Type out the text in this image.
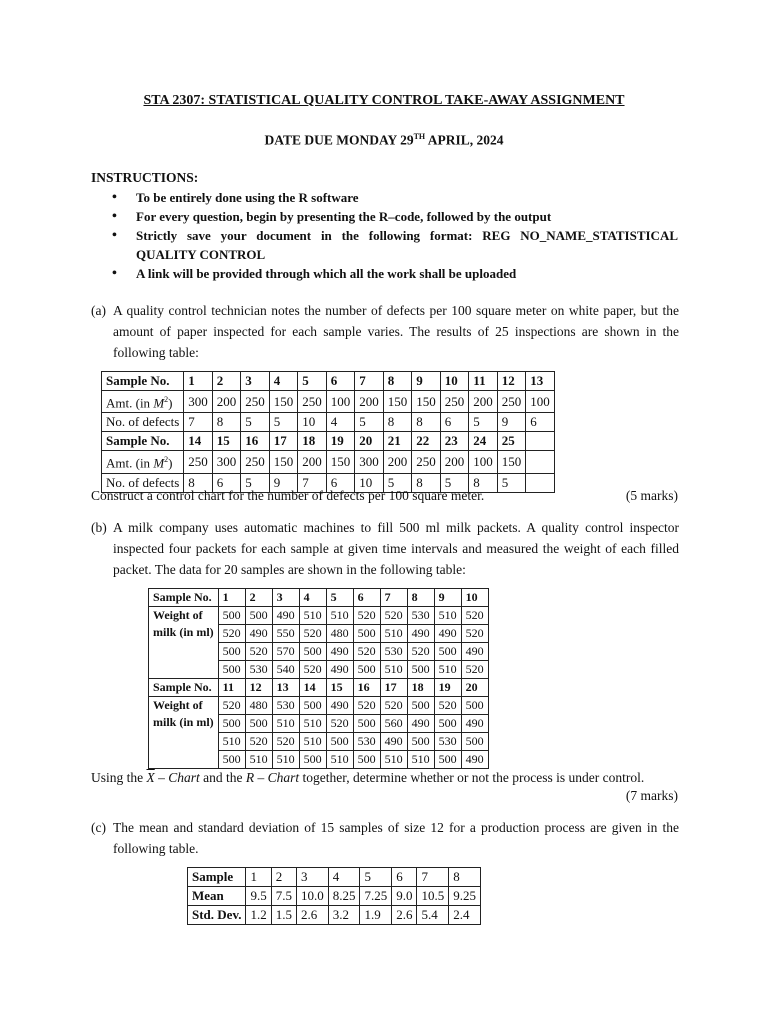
STA 2307: STATISTICAL QUALITY CONTROL TAKE-AWAY ASSIGNMENT
DATE DUE MONDAY 29TH APRIL, 2024
INSTRUCTIONS:
• To be entirely done using the R software
• For every question, begin by presenting the R–code, followed by the output
• Strictly save your document in the following format: REG NO_NAME_STATISTICAL QUALITY CONTROL
• A link will be provided through which all the work shall be uploaded
(a) A quality control technician notes the number of defects per 100 square meter on white paper, but the amount of paper inspected for each sample varies. The results of 25 inspections are shown in the following table:
Sample No.	1	2	3	4	5	6	7	8	9	10	11	12	13
Amt. (in $M^2$)	300	200	250	150	250	100	200	150	150	250	200	250	100
No. of defects	7	8	5	5	10	4	5	8	8	6	5	9	6
Sample No.	14	15	16	17	18	19	20	21	22	23	24	25	
Amt. (in $M^2$)	250	300	250	150	200	150	300	200	250	200	100	150	
No. of defects	8	6	5	9	7	6	10	5	8	5	8	5	
Construct a control chart for the number of defects per 100 square meter.	(5 marks)
(b) A milk company uses automatic machines to fill 500 ml milk packets. A quality control inspector inspected four packets for each sample at given time intervals and measured the weight of each filled packet. The data for 20 samples are shown in the following table:
Sample No.	1	2	3	4	5	6	7	8	9	10

Weight of
milk (in ml)	500	500	490	510	510	520	520	530	510	520
	520	490	550	520	480	500	510	490	490	520
	500	520	570	500	490	520	530	520	500	490
	500	530	540	520	490	500	510	500	510	520
Sample No.	11	12	13	14	15	16	17	18	19	20

Weight of
milk (in ml)	520	480	530	500	490	520	520	500	520	500
	500	500	510	510	520	500	560	490	500	490
	510	520	520	510	500	530	490	500	530	500
	500	510	510	500	510	500	510	510	500	490
Using the $\overline{X}$ – Chart and the R – Chart together, determine whether or not the process is under control.
(7 marks)
(c) The mean and standard deviation of 15 samples of size 12 for a production process are given in the following table.
Sample	1	2	3	4	5	6	7	8
Mean	9.5	7.5	10.0	8.25	7.25	9.0	10.5	9.25
Std. Dev.	1.2	1.5	2.6	3.2	1.9	2.6	5.4	2.4
